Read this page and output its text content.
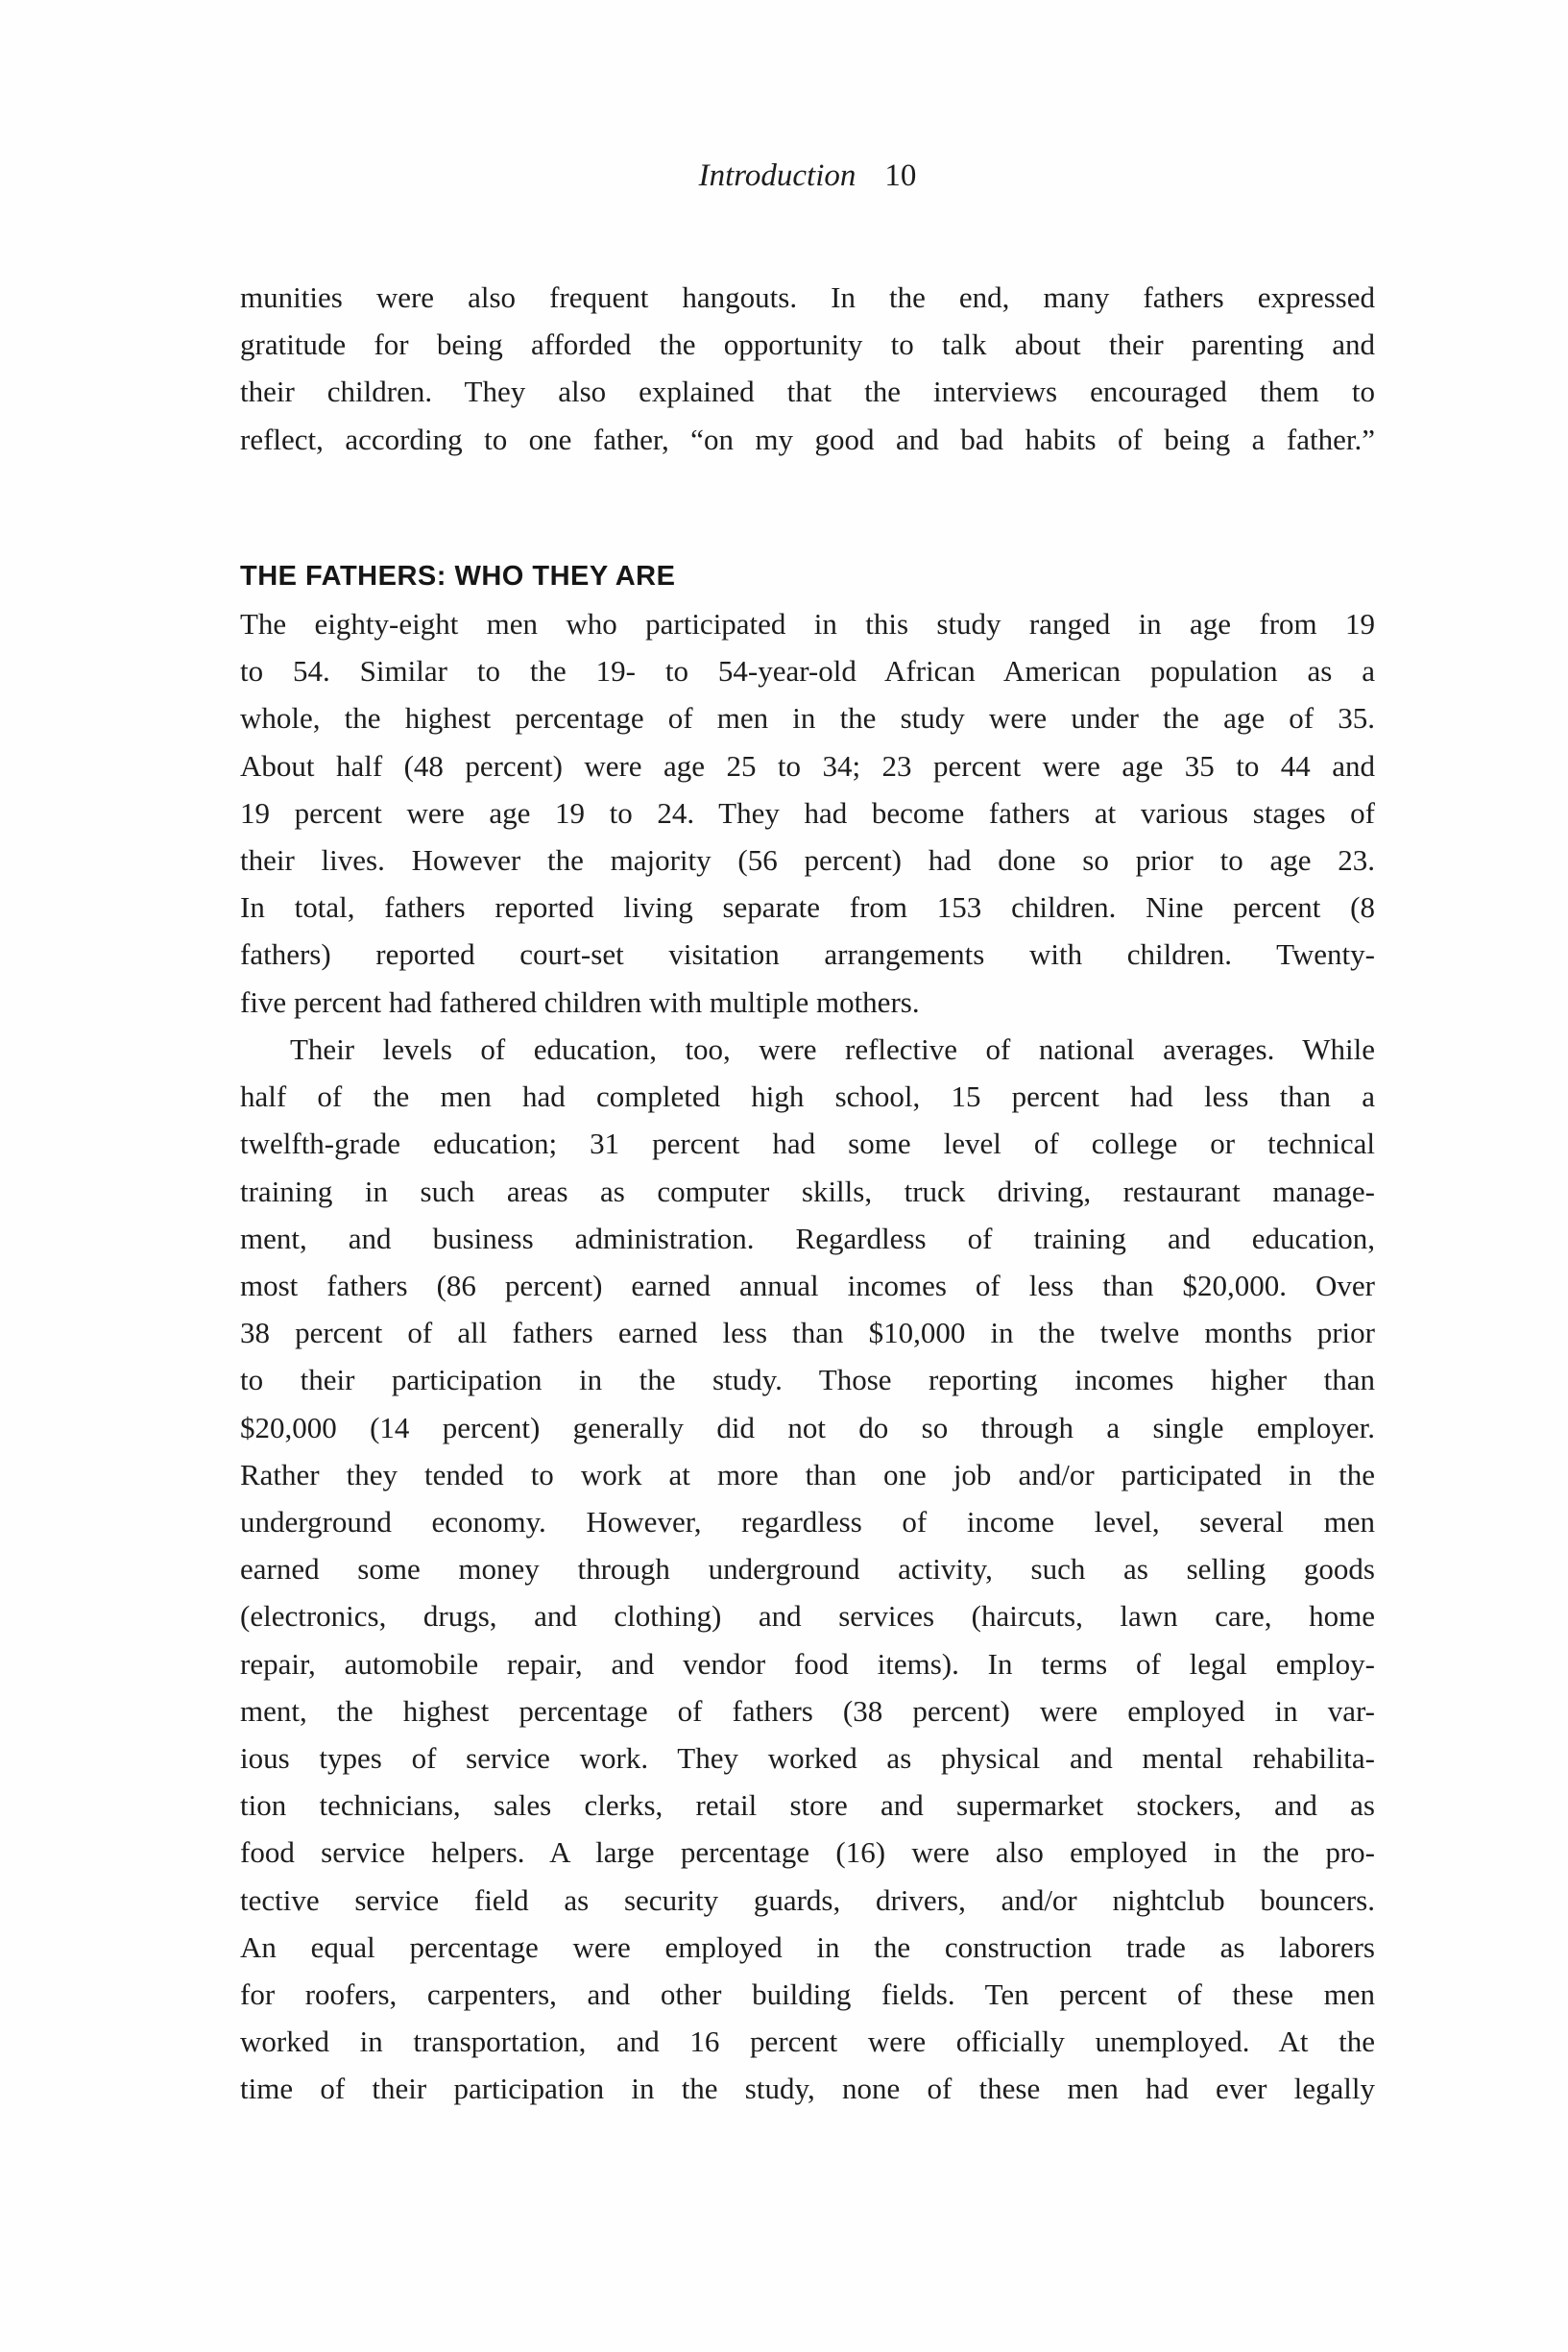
Introduction 10
munities were also frequent hangouts. In the end, many fathers expressed
gratitude for being afforded the opportunity to talk about their parenting and
their children. They also explained that the interviews encouraged them to
reflect, according to one father, “on my good and bad habits of being a father.”
THE FATHERS: WHO THEY ARE
The eighty-eight men who participated in this study ranged in age from 19
to 54. Similar to the 19- to 54-year-old African American population as a
whole, the highest percentage of men in the study were under the age of 35.
About half (48 percent) were age 25 to 34; 23 percent were age 35 to 44 and
19 percent were age 19 to 24. They had become fathers at various stages of
their lives. However the majority (56 percent) had done so prior to age 23.
In total, fathers reported living separate from 153 children. Nine percent (8
fathers) reported court-set visitation arrangements with children. Twenty-
five percent had fathered children with multiple mothers.
Their levels of education, too, were reflective of national averages. While
half of the men had completed high school, 15 percent had less than a
twelfth-grade education; 31 percent had some level of college or technical
training in such areas as computer skills, truck driving, restaurant manage-
ment, and business administration. Regardless of training and education,
most fathers (86 percent) earned annual incomes of less than $20,000. Over
38 percent of all fathers earned less than $10,000 in the twelve months prior
to their participation in the study. Those reporting incomes higher than
$20,000 (14 percent) generally did not do so through a single employer.
Rather they tended to work at more than one job and/or participated in the
underground economy. However, regardless of income level, several men
earned some money through underground activity, such as selling goods
(electronics, drugs, and clothing) and services (haircuts, lawn care, home
repair, automobile repair, and vendor food items). In terms of legal employ-
ment, the highest percentage of fathers (38 percent) were employed in var-
ious types of service work. They worked as physical and mental rehabilita-
tion technicians, sales clerks, retail store and supermarket stockers, and as
food service helpers. A large percentage (16) were also employed in the pro-
tective service field as security guards, drivers, and/or nightclub bouncers.
An equal percentage were employed in the construction trade as laborers
for roofers, carpenters, and other building fields. Ten percent of these men
worked in transportation, and 16 percent were officially unemployed. At the
time of their participation in the study, none of these men had ever legally
